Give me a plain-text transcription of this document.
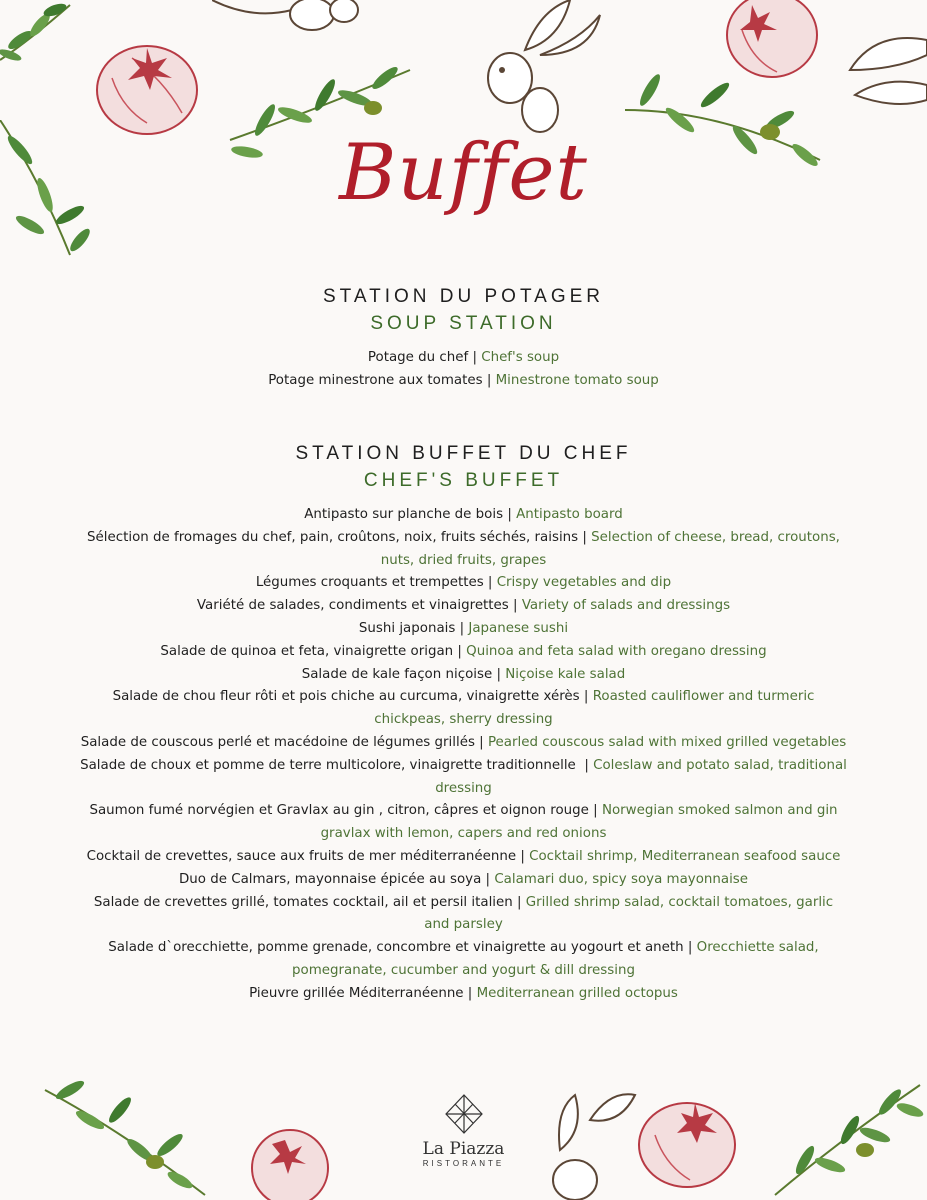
Buffet
STATION DU POTAGER
SOUP STATION
Potage du chef | Chef's soup
Potage minestrone aux tomates | Minestrone tomato soup
STATION BUFFET DU CHEF
CHEF'S BUFFET
Antipasto sur planche de bois | Antipasto board
Sélection de fromages du chef, pain, croûtons, noix, fruits séchés, raisins | Selection of cheese, bread, croutons, nuts, dried fruits, grapes
Légumes croquants et trempettes | Crispy vegetables and dip
Variété de salades, condiments et vinaigrettes | Variety of salads and dressings
Sushi japonais | Japanese sushi
Salade de quinoa et feta, vinaigrette origan | Quinoa and feta salad with oregano dressing
Salade de kale façon niçoise | Niçoise kale salad
Salade de chou fleur rôti et pois chiche au curcuma, vinaigrette xérès | Roasted cauliflower and turmeric chickpeas, sherry dressing
Salade de couscous perlé et macédoine de légumes grillés | Pearled couscous salad with mixed grilled vegetables
Salade de choux et pomme de terre multicolore, vinaigrette traditionnelle  | Coleslaw and potato salad, traditional dressing
Saumon fumé norvégien et Gravlax au gin , citron, câpres et oignon rouge | Norwegian smoked salmon and gin gravlax with lemon, capers and red onions
Cocktail de crevettes, sauce aux fruits de mer méditerranéenne | Cocktail shrimp, Mediterranean seafood sauce
Duo de Calmars, mayonnaise épicée au soya | Calamari duo, spicy soya mayonnaise
Salade de crevettes grillé, tomates cocktail, ail et persil italien | Grilled shrimp salad, cocktail tomatoes, garlic and parsley
Salade d`orecchiette, pomme grenade, concombre et vinaigrette au yogourt et aneth | Orecchiette salad, pomegranate, cucumber and yogurt & dill dressing
Pieuvre grillée Méditerranéenne | Mediterranean grilled octopus
La Piazza
RISTORANTE
